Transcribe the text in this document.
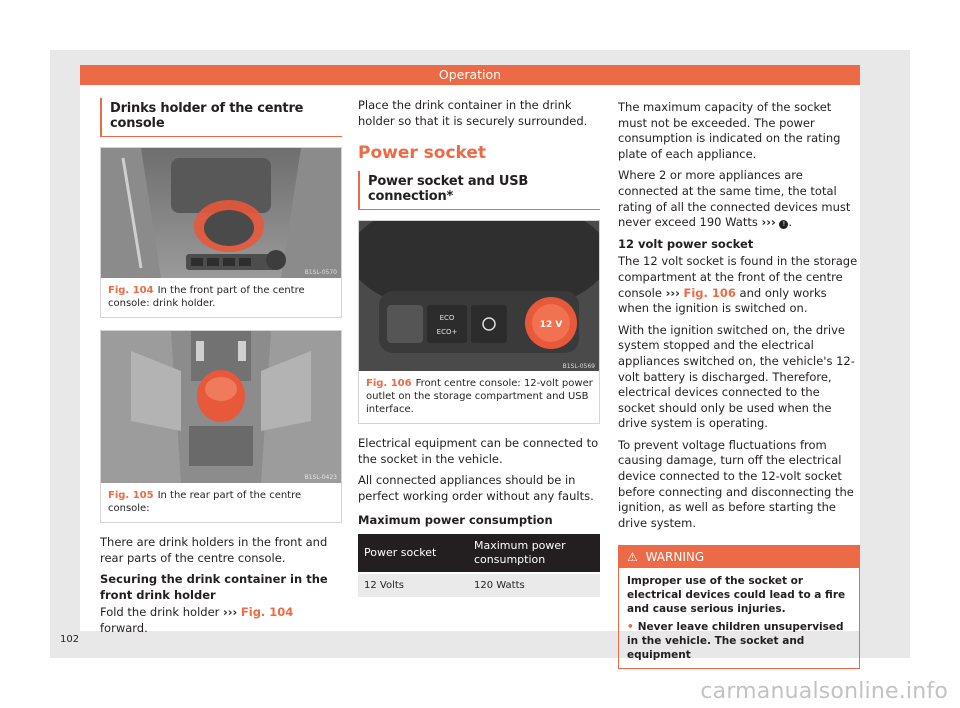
Operation
Drinks holder of the centre console
B1SL-0570
Fig. 104 In the front part of the centre console: drink holder.
B1SL-0423
Fig. 105 In the rear part of the centre console:
There are drink holders in the front and rear parts of the centre console.
Securing the drink container in the front drink holder
Fold the drink holder ››› Fig. 104 forward.
Place the drink container in the drink holder so that it is securely surrounded.
Power socket
Power socket and USB connection*
ECO
ECO+
12 V
B1SL-0569
Fig. 106 Front centre console: 12-volt power outlet on the storage compartment and USB interface.
Electrical equipment can be connected to the socket in the vehicle.
All connected appliances should be in perfect working order without any faults.
Maximum power consumption
Power socket	Maximum power consumption
12 Volts	120 Watts
The maximum capacity of the socket must not be exceeded. The power consumption is indicated on the rating plate of each appliance.
Where 2 or more appliances are connected at the same time, the total rating of all the connected devices must never exceed 190 Watts ››› ! .
12 volt power socket
The 12 volt socket is found in the storage compartment at the front of the centre console ››› Fig. 106 and only works when the ignition is switched on.
With the ignition switched on, the drive system stopped and the electrical appliances switched on, the vehicle's 12-volt battery is discharged. Therefore, electrical devices connected to the socket should only be used when the drive system is operating.
To prevent voltage fluctuations from causing damage, turn off the electrical device connected to the 12-volt socket before connecting and disconnecting the ignition, as well as before starting the drive system.
⚠ WARNING
Improper use of the socket or electrical devices could lead to a fire and cause serious injuries.
• Never leave children unsupervised in the vehicle. The socket and equipment
102
carmanualsonline.info
